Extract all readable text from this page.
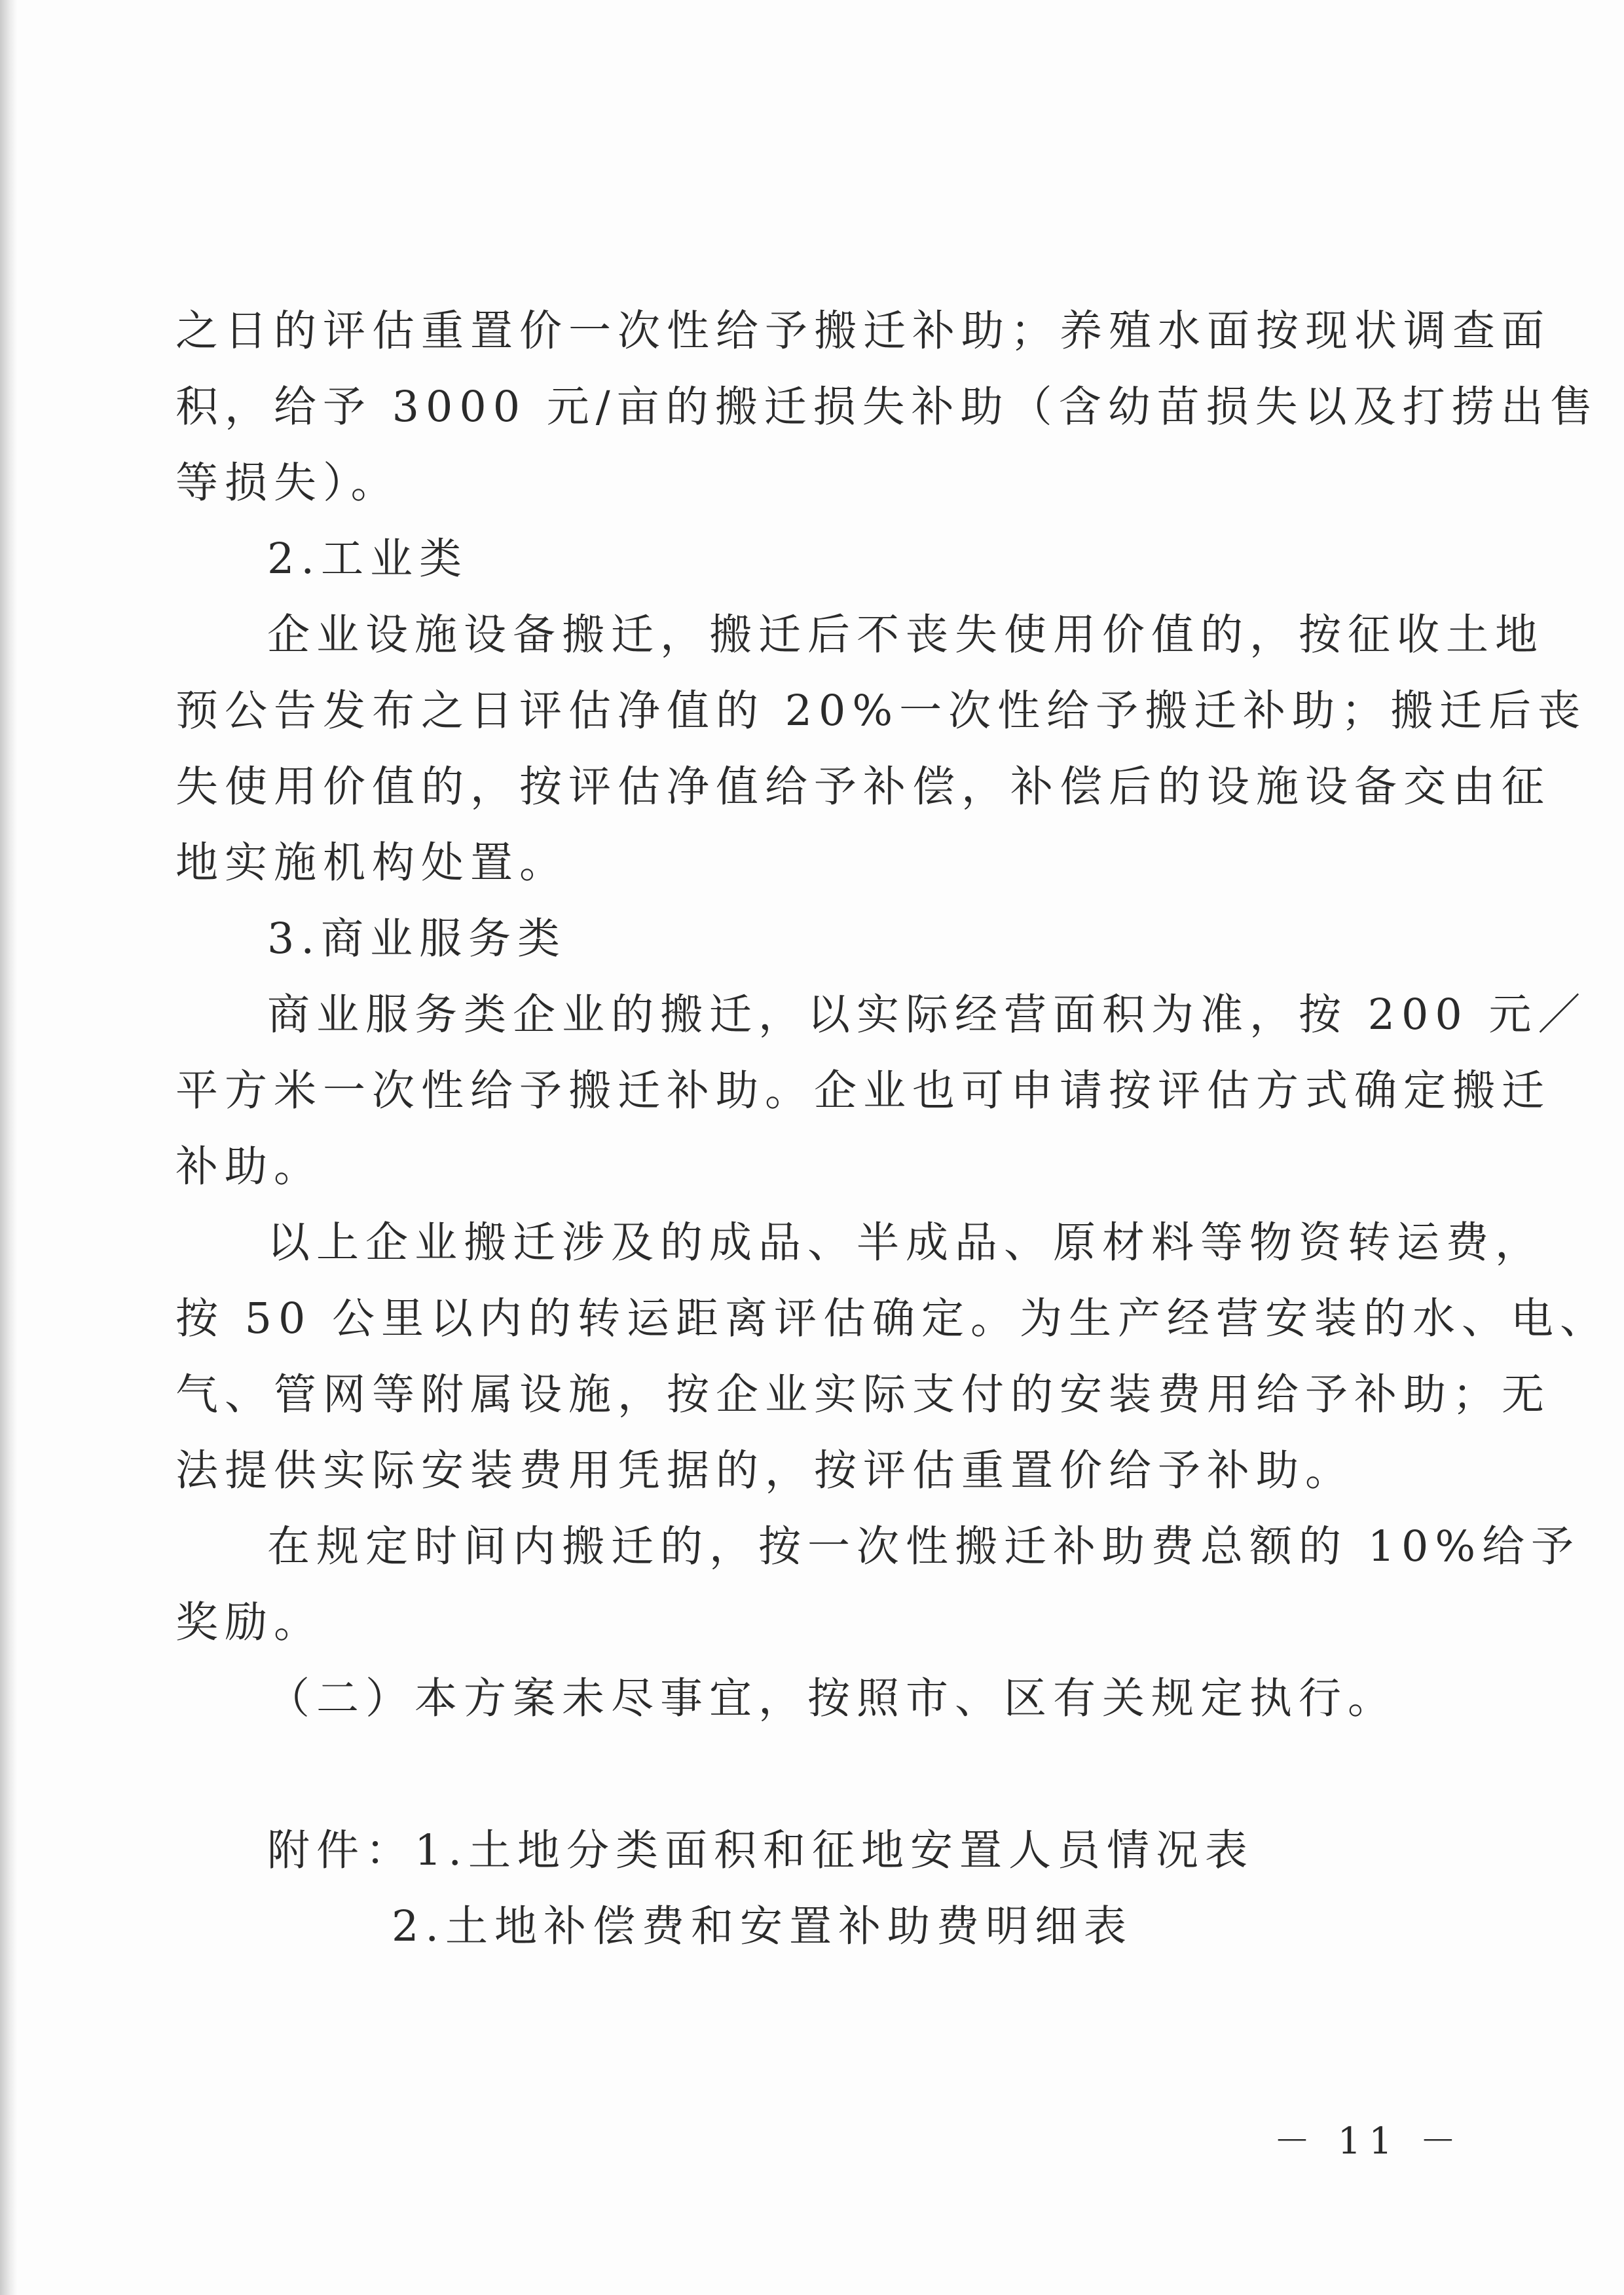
之日的评估重置价一次性给予搬迁补助；养殖水面按现状调查面
积，给予 3000 元/亩的搬迁损失补助（含幼苗损失以及打捞出售
等损失）。
2.工业类
企业设施设备搬迁，搬迁后不丧失使用价值的，按征收土地
预公告发布之日评估净值的 20%一次性给予搬迁补助；搬迁后丧
失使用价值的，按评估净值给予补偿，补偿后的设施设备交由征
地实施机构处置。
3.商业服务类
商业服务类企业的搬迁，以实际经营面积为准，按 200 元／
平方米一次性给予搬迁补助。企业也可申请按评估方式确定搬迁
补助。
以上企业搬迁涉及的成品、半成品、原材料等物资转运费，
按 50 公里以内的转运距离评估确定。为生产经营安装的水、电、
气、管网等附属设施，按企业实际支付的安装费用给予补助；无
法提供实际安装费用凭据的，按评估重置价给予补助。
在规定时间内搬迁的，按一次性搬迁补助费总额的 10%给予
奖励。
（二）本方案未尽事宜，按照市、区有关规定执行。
附件：1.土地分类面积和征地安置人员情况表
2.土地补偿费和安置补助费明细表
－ 11 －
